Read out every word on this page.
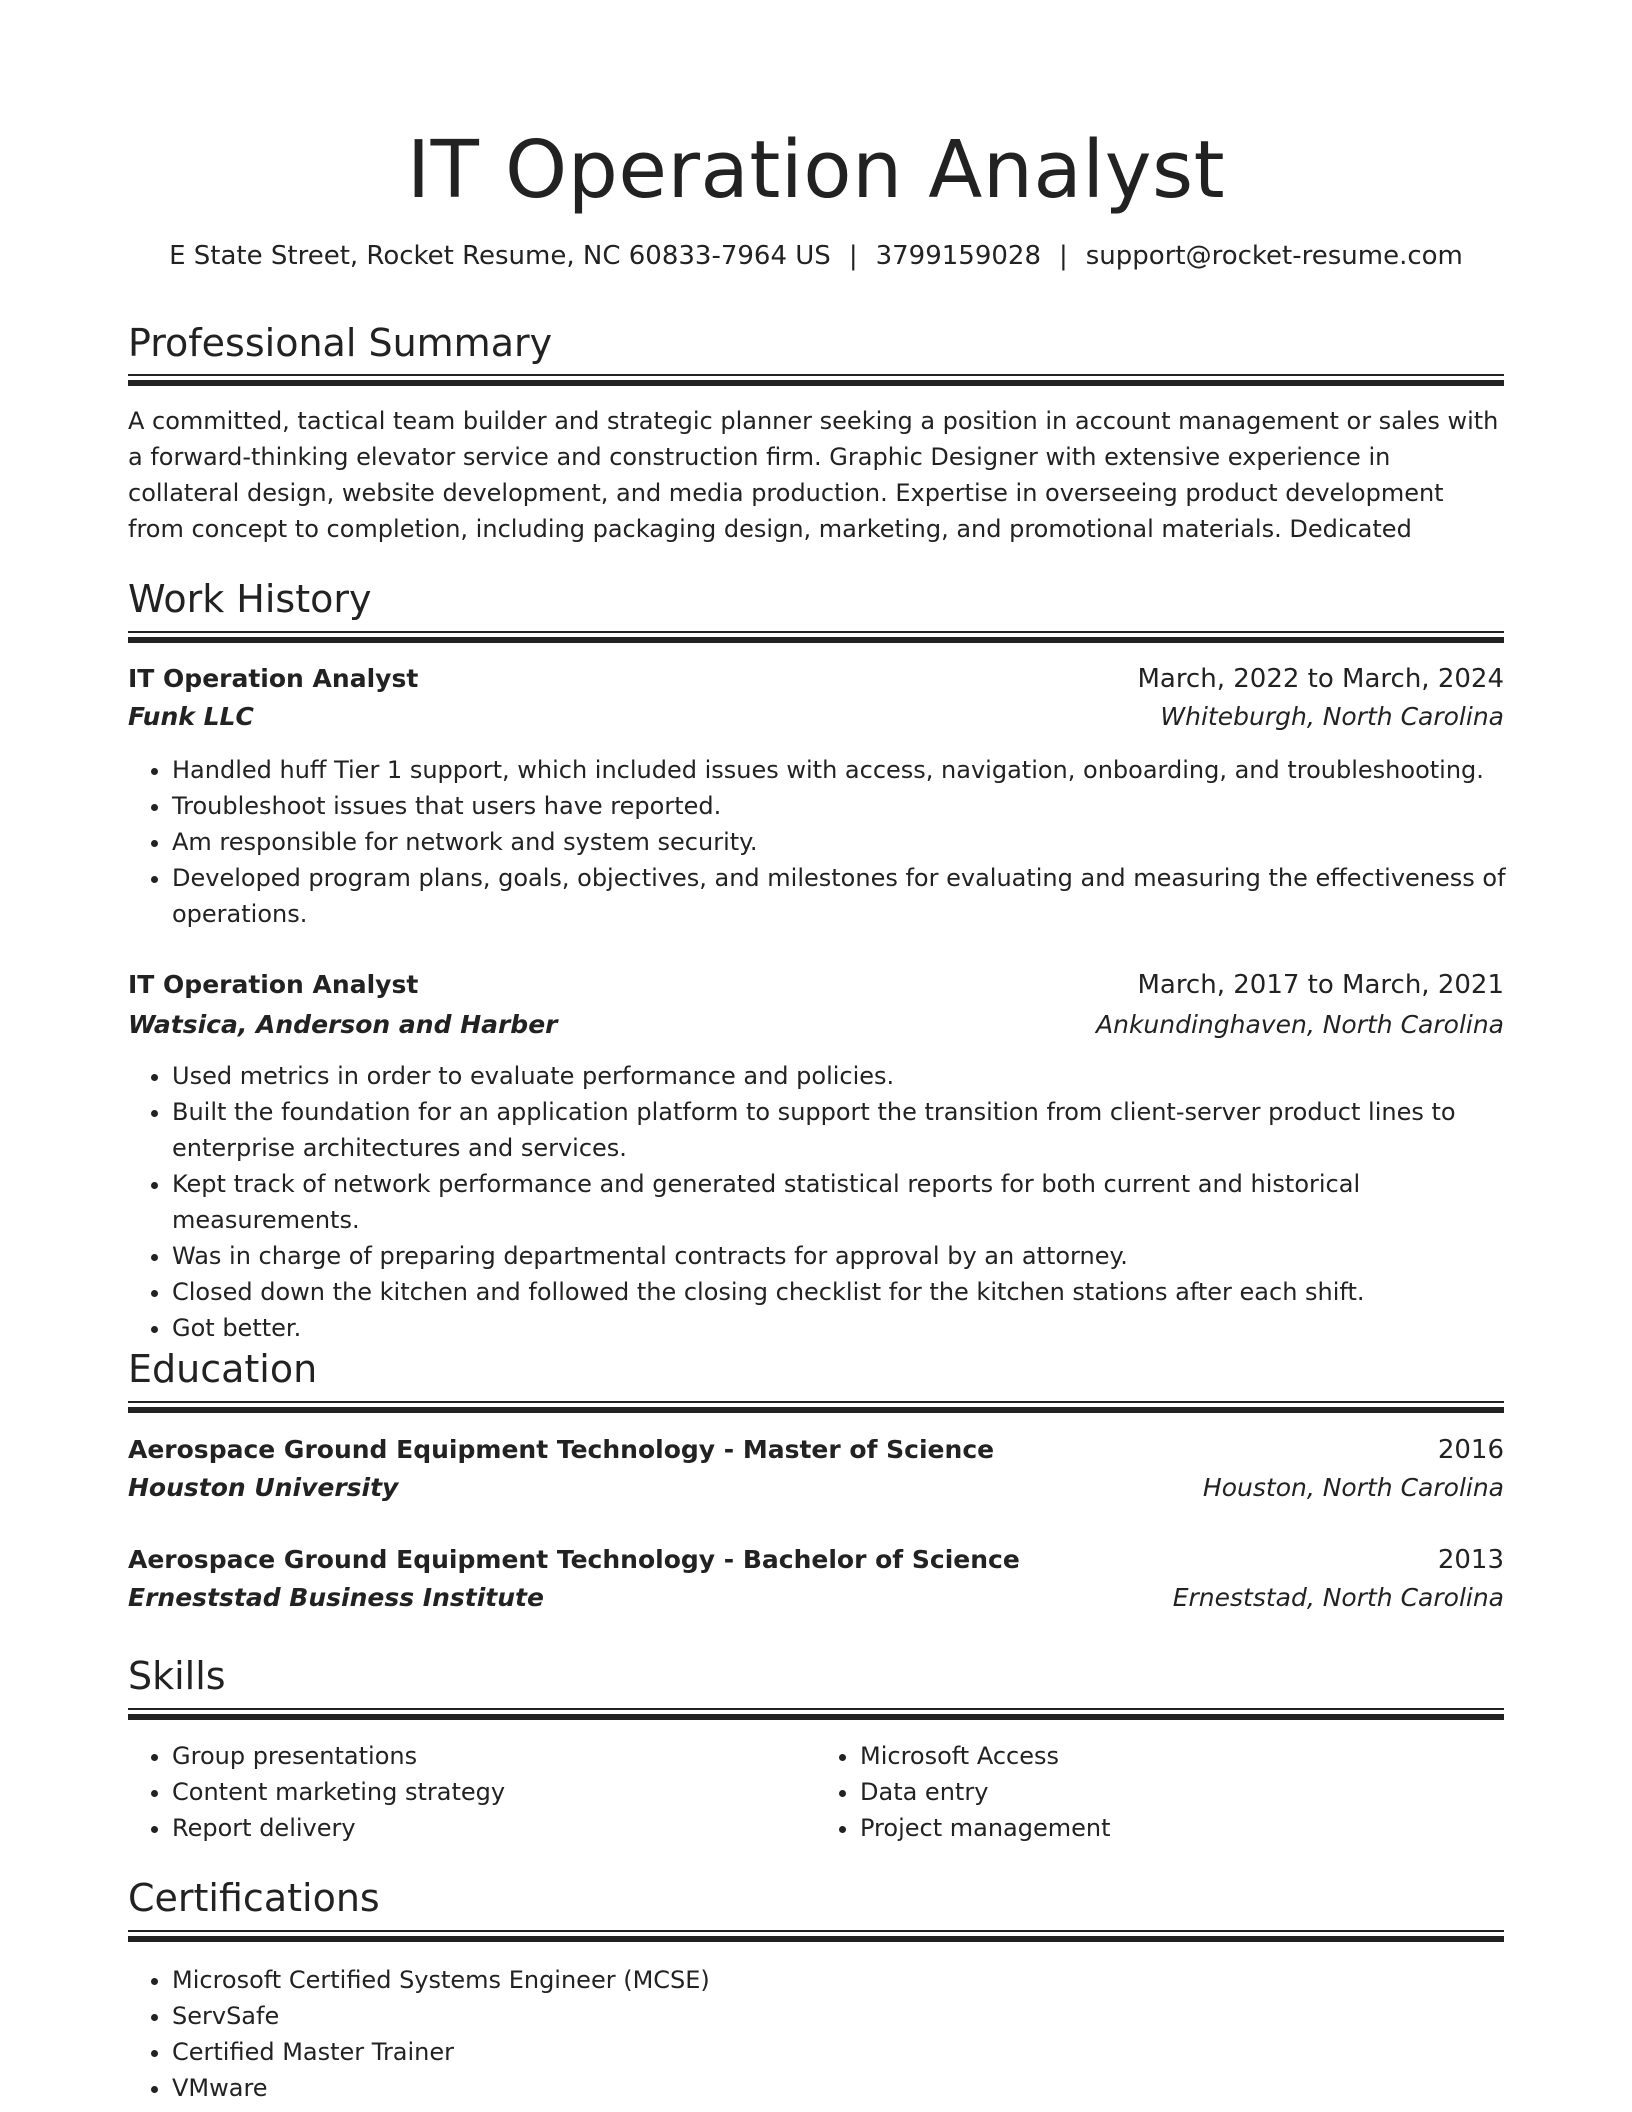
IT Operation Analyst
E State Street, Rocket Resume, NC 60833-7964 US | 3799159028 | support@rocket-resume.com
Professional Summary

A committed, tactical team builder and strategic planner seeking a position in account management or sales with a forward-thinking elevator service and construction firm. Graphic Designer with extensive experience in collateral design, website development, and media production. Expertise in overseeing product development from concept to completion, including packaging design, marketing, and promotional materials. Dedicated

Work History
IT Operation Analyst	March, 2022 to March, 2024
Funk LLC	Whiteburgh, North Carolina
• Handled huff Tier 1 support, which included issues with access, navigation, onboarding, and troubleshooting.
• Troubleshoot issues that users have reported.
• Am responsible for network and system security.
• Developed program plans, goals, objectives, and milestones for evaluating and measuring the effectiveness of operations.
IT Operation Analyst	March, 2017 to March, 2021
Watsica, Anderson and Harber	Ankundinghaven, North Carolina
• Used metrics in order to evaluate performance and policies.
• Built the foundation for an application platform to support the transition from client-server product lines to enterprise architectures and services.
• Kept track of network performance and generated statistical reports for both current and historical measurements.
• Was in charge of preparing departmental contracts for approval by an attorney.
• Closed down the kitchen and followed the closing checklist for the kitchen stations after each shift.
• Got better.
Education
Aerospace Ground Equipment Technology - Master of Science	2016
Houston University	Houston, North Carolina
Aerospace Ground Equipment Technology - Bachelor of Science	2013
Erneststad Business Institute	Erneststad, North Carolina
Skills
• Group presentations
• Content marketing strategy
• Report delivery
• Microsoft Access
• Data entry
• Project management
Certifications
• Microsoft Certified Systems Engineer (MCSE)
• ServSafe
• Certified Master Trainer
• VMware
